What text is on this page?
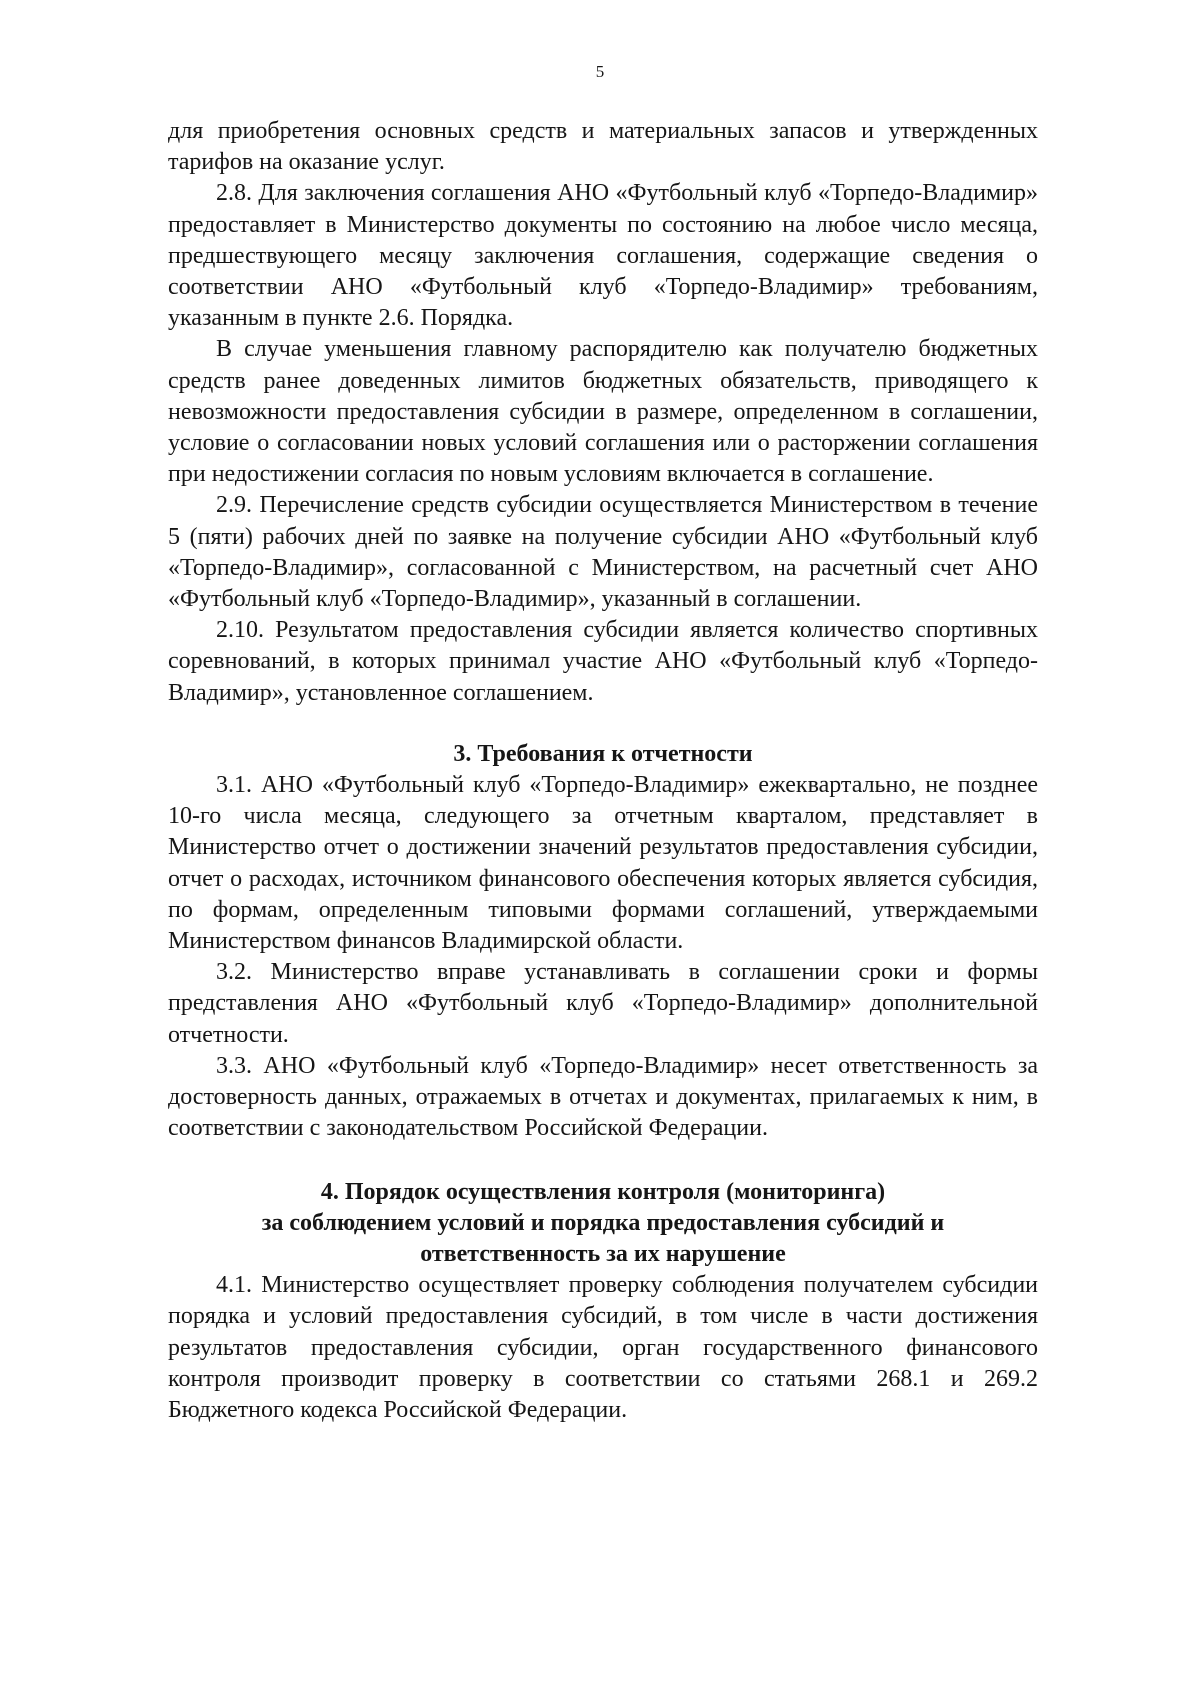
5

для приобретения основных средств и материальных запасов и утвержденных тарифов на оказание услуг.

2.8. Для заключения соглашения АНО «Футбольный клуб «Торпедо-Владимир» предоставляет в Министерство документы по состоянию на любое число месяца, предшествующего месяцу заключения соглашения, содержащие сведения о соответствии АНО «Футбольный клуб «Торпедо-Владимир» требованиям, указанным в пункте 2.6. Порядка.

В случае уменьшения главному распорядителю как получателю бюджетных средств ранее доведенных лимитов бюджетных обязательств, приводящего к невозможности предоставления субсидии в размере, определенном в соглашении, условие о согласовании новых условий соглашения или о расторжении соглашения при недостижении согласия по новым условиям включается в соглашение.

2.9. Перечисление средств субсидии осуществляется Министерством в течение 5 (пяти) рабочих дней по заявке на получение субсидии АНО «Футбольный клуб «Торпедо-Владимир», согласованной с Министерством, на расчетный счет АНО «Футбольный клуб «Торпедо-Владимир», указанный в соглашении.

2.10. Результатом предоставления субсидии является количество спортивных соревнований, в которых принимал участие АНО «Футбольный клуб «Торпедо-Владимир», установленное соглашением.

3. Требования к отчетности

3.1. АНО «Футбольный клуб «Торпедо-Владимир» ежеквартально, не позднее 10-го числа месяца, следующего за отчетным кварталом, представляет в Министерство отчет о достижении значений результатов предоставления субсидии, отчет о расходах, источником финансового обеспечения которых является субсидия, по формам, определенным типовыми формами соглашений, утверждаемыми Министерством финансов Владимирской области.

3.2. Министерство вправе устанавливать в соглашении сроки и формы представления АНО «Футбольный клуб «Торпедо-Владимир» дополнительной отчетности.

3.3. АНО «Футбольный клуб «Торпедо-Владимир» несет ответственность за достоверность данных, отражаемых в отчетах и документах, прилагаемых к ним, в соответствии с законодательством Российской Федерации.

4. Порядок осуществления контроля (мониторинга)
за соблюдением условий и порядка предоставления субсидий и
ответственность за их нарушение

4.1. Министерство осуществляет проверку соблюдения получателем субсидии порядка и условий предоставления субсидий, в том числе в части достижения результатов предоставления субсидии, орган государственного финансового контроля производит проверку в соответствии со статьями 268.1 и 269.2 Бюджетного кодекса Российской Федерации.
